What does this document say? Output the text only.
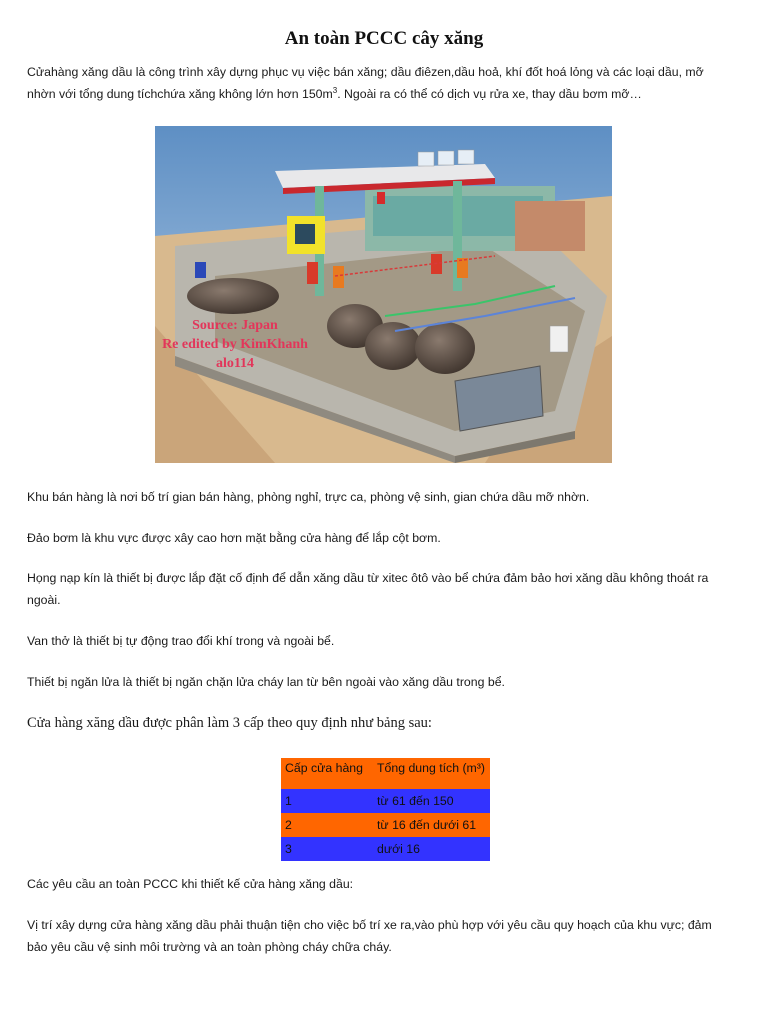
An toàn PCCC cây xăng

Cửahàng xăng dầu là công trình xây dựng phục vụ việc bán xăng; dầu điêzen,dầu hoả, khí đốt hoá lỏng và các loại dầu, mỡ
nhờn với tổng dung tíchchứa xăng không lớn hơn $150m^3$. Ngoài ra có thể có dịch vụ rửa xe, thay dầu bơm mỡ…

Source: Japan
Re edited by KimKhanh
alo114

Khu bán hàng là nơi bố trí gian bán hàng, phòng nghỉ, trực ca, phòng vệ sinh, gian chứa dầu mỡ nhờn.

Đảo bơm là khu vực được xây cao hơn mặt bằng cửa hàng để lắp cột bơm.

Họng nạp kín là thiết bị được lắp đặt cố định để dẫn xăng dầu từ xitec ôtô vào bể chứa đảm bảo hơi xăng dầu không thoát ra
ngoài.

Van thở là thiết bị tự động trao đổi khí trong và ngoài bể.

Thiết bị ngăn lửa là thiết bị ngăn chặn lửa cháy lan từ bên ngoài vào xăng dầu trong bể.

Cửa hàng xăng dầu được phân làm 3 cấp theo quy định như bảng sau:

Cấp cửa hàng	Tổng dung tích (m³)
1	từ 61 đến 150
2	từ 16 đến dưới 61
3	dưới 16

Các yêu cầu an toàn PCCC khi thiết kế cửa hàng xăng dầu:

Vị trí xây dựng cửa hàng xăng dầu phải thuận tiện cho việc bố trí xe ra,vào phù hợp với yêu cầu quy hoạch của khu vực; đảm
bảo yêu cầu vệ sinh môi trường và an toàn phòng cháy chữa cháy.
